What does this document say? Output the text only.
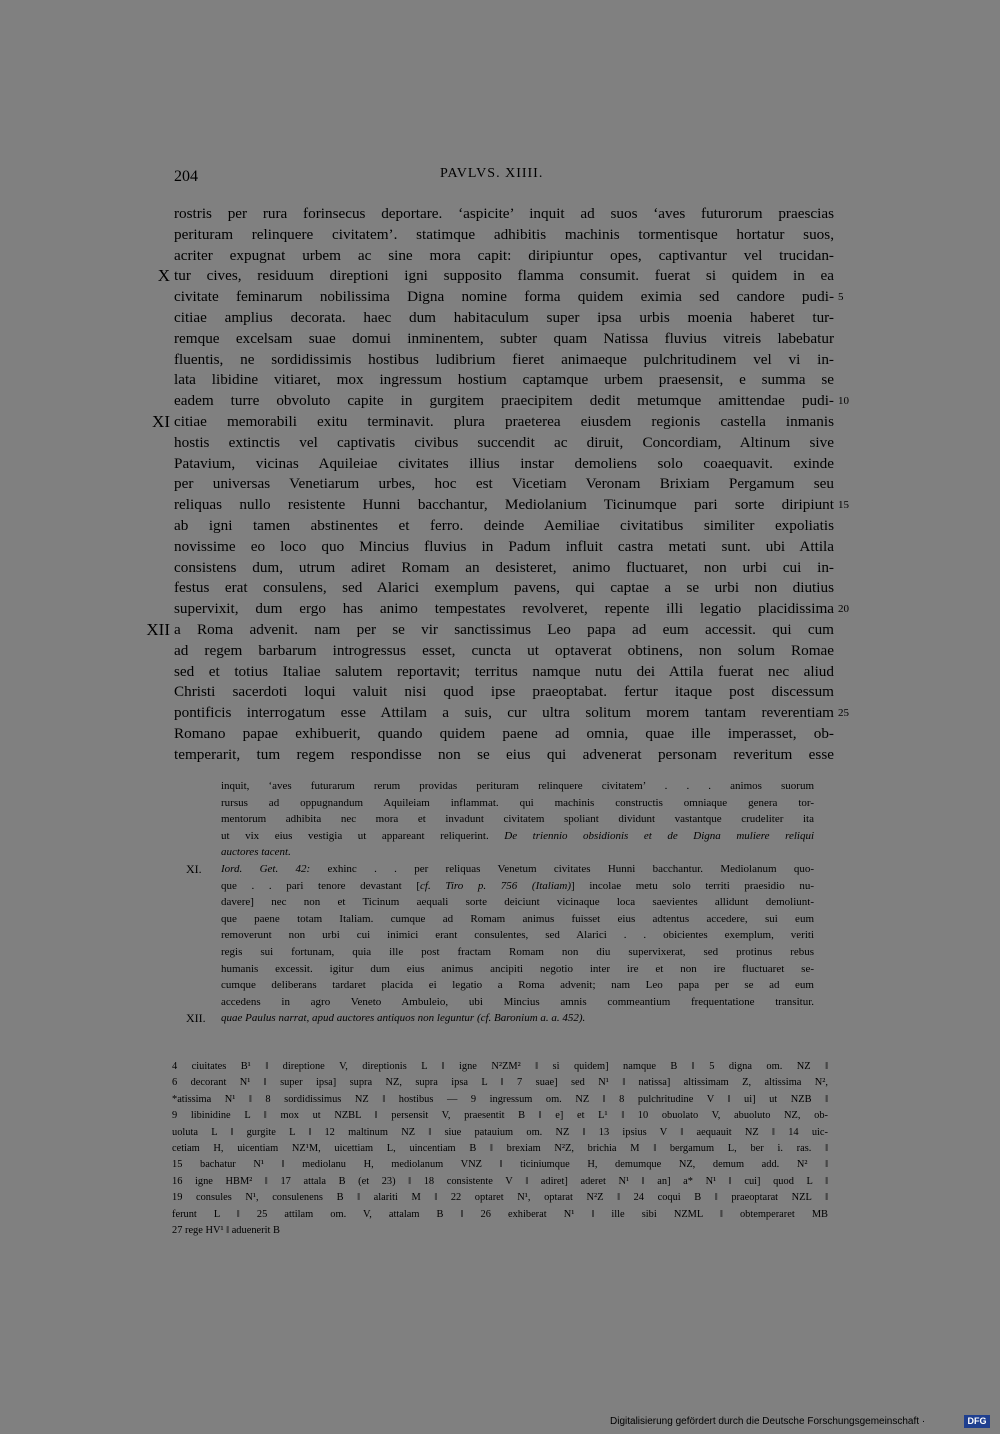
204	PAVLVS. XIIII.
rostris per rura forinsecus deportare. ‘aspicite’ inquit ad suos ‘aves futurorum praescias
perituram relinquere civitatem’. statimque adhibitis machinis tormentisque hortatur suos,
acriter expugnat urbem ac sine mora capit: diripiuntur opes, captivantur vel trucidan-
tur cives, residuum direptioni igni supposito flamma consumit. fuerat si quidem in ea
X
civitate feminarum nobilissima Digna nomine forma quidem eximia sed candore pudi- 5
citiae amplius decorata. haec dum habitaculum super ipsa urbis moenia haberet tur-
remque excelsam suae domui inminentem, subter quam Natissa fluvius vitreis labebatur
fluentis, ne sordidissimis hostibus ludibrium fieret animaeque pulchritudinem vel vi in-
lata libidine vitiaret, mox ingressum hostium captamque urbem praesensit, e summa se
eadem turre obvoluto capite in gurgitem praecipitem dedit metumque amittendae pudi- 10
citiae memorabili exitu terminavit. plura praeterea eiusdem regionis castella inmanis
XI
hostis extinctis vel captivatis civibus succendit ac diruit, Concordiam, Altinum sive
Patavium, vicinas Aquileiae civitates illius instar demoliens solo coaequavit. exinde
per universas Venetiarum urbes, hoc est Vicetiam Veronam Brixiam Pergamum seu
reliquas nullo resistente Hunni bacchantur, Mediolanium Ticinumque pari sorte diripiunt 15
ab igni tamen abstinentes et ferro. deinde Aemiliae civitatibus similiter expoliatis
novissime eo loco quo Mincius fluvius in Padum influit castra metati sunt. ubi Attila
consistens dum, utrum adiret Romam an desisteret, animo fluctuaret, non urbi cui in-
festus erat consulens, sed Alarici exemplum pavens, qui captae a se urbi non diutius
supervixit, dum ergo has animo tempestates revolveret, repente illi legatio placidissima 20
a Roma advenit. nam per se vir sanctissimus Leo papa ad eum accessit. qui cum
XII
ad regem barbarum introgressus esset, cuncta ut optaverat obtinens, non solum Romae
sed et totius Italiae salutem reportavit; territus namque nutu dei Attila fuerat nec aliud
Christi sacerdoti loqui valuit nisi quod ipse praeoptabat. fertur itaque post discessum
pontificis interrogatum esse Attilam a suis, cur ultra solitum morem tantam reverentiam 25
Romano papae exhibuerit, quando quidem paene ad omnia, quae ille imperasset, ob-
temperarit, tum regem respondisse non se eius qui advenerat personam reveritum esse
inquit, ‘aves futurarum rerum providas perituram relinquere civitatem’ . . . animos suorum
rursus ad oppugnandum Aquileiam inflammat. qui machinis constructis omniaque genera tor-
mentorum adhibita nec mora et invadunt civitatem spoliant dividunt vastantque crudeliter ita
ut vix eius vestigia ut appareant reliquerint. De triennio obsidionis et de Digna muliere reliqui
auctores tacent.
XI. Iord. Get. 42: exhinc . . per reliquas Venetum civitates Hunni bacchantur. Mediolanum quo-
que . . pari tenore devastant [cf. Tiro p. 756 (Italiam)] incolae metu solo territi praesidio nu-
davere] nec non et Ticinum aequali sorte deiciunt vicinaque loca saevientes allidunt demoliunt-
que paene totam Italiam. cumque ad Romam animus fuisset eius adtentus accedere, sui eum
removerunt non urbi cui inimici erant consulentes, sed Alarici . . obicientes exemplum, veriti
regis sui fortunam, quia ille post fractam Romam non diu supervixerat, sed protinus rebus
humanis excessit. igitur dum eius animus ancipiti negotio inter ire et non ire fluctuaret se-
cumque deliberans tardaret placida ei legatio a Roma advenit; nam Leo papa per se ad eum
accedens in agro Veneto Ambuleio, ubi Mincius amnis commeantium frequentatione transitur.
XII. quae Paulus narrat, apud auctores antiquos non leguntur (cf. Baronium a. a. 452).
4 ciuitates B¹ ‖ direptione V, direptionis L ‖ igne N²ZM² ‖ si quidem] namque B ‖ 5 digna om. NZ ‖
6 decorant N¹ ‖ super ipsa] supra NZ, supra ipsa L ‖ 7 suae] sed N¹ ‖ natissa] altissimam Z, altissima N²,
*atissima N¹ ‖ 8 sordidissimus NZ ‖ hostibus — 9 ingressum om. NZ ‖ 8 pulchritudine V ‖ ui] ut NZB ‖
9 libinidine L ‖ mox ut NZBL ‖ persensit V, praesentit B ‖ e] et L¹ ‖ 10 obuolato V, abuoluto NZ, ob-
uoluta L ‖ gurgite L ‖ 12 maltinum NZ ‖ siue patauium om. NZ ‖ 13 ipsius V ‖ aequauit NZ ‖ 14 uic-
cetiam H, uicentiam NZ¹M, uicettiam L, uincentiam B ‖ brexiam N²Z, brichia M ‖ bergamum L, ber i. ras. ‖
15 bachatur N¹ ‖ mediolanu H, mediolanum VNZ ‖ ticiniumque H, demumque NZ, demum add. N² ‖
16 igne HBM² ‖ 17 attala B (et 23) ‖ 18 consistente V ‖ adiret] aderet N¹ ‖ an] a* N¹ ‖ cui] quod L ‖
19 consules N¹, consulenens B ‖ alariti M ‖ 22 optaret N¹, optarat N²Z ‖ 24 coqui B ‖ praeoptarat NZL ‖
ferunt L ‖ 25 attilam om. V, attalam B ‖ 26 exhiberat N¹ ‖ ille sibi NZML ‖ obtemperaret MB
27 rege HV¹ ‖ aduenerit B
Digitalisierung gefördert durch die Deutsche Forschungsgemeinschaft ·	DFG
